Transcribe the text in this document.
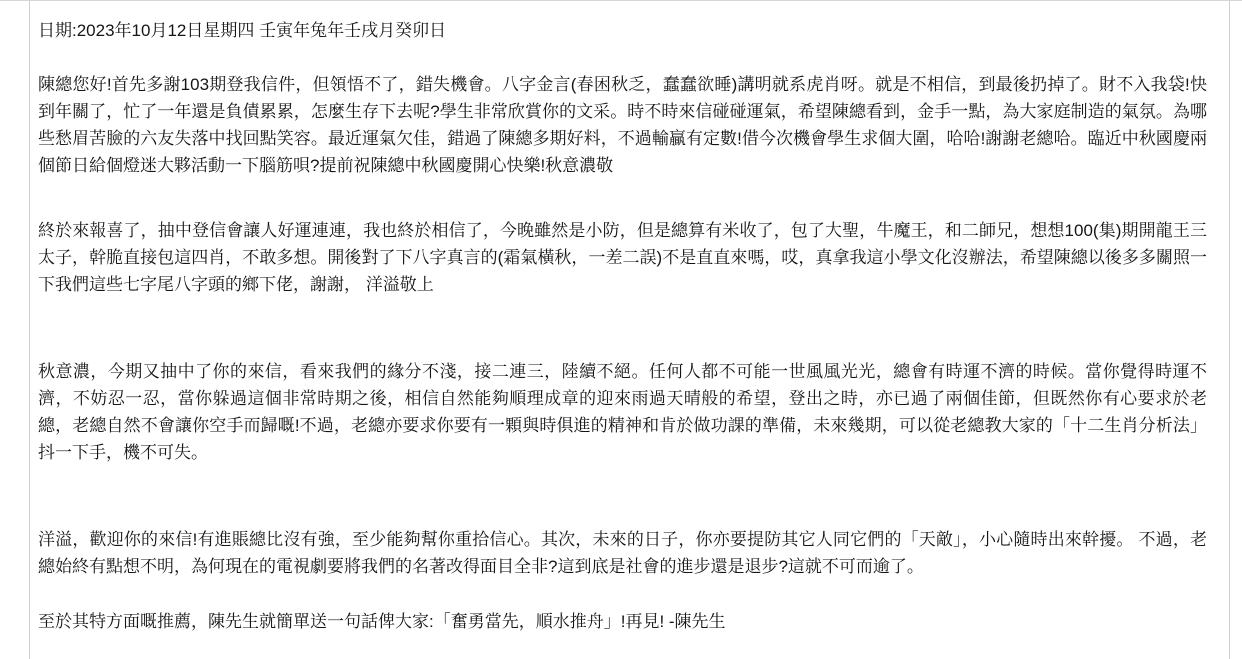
日期:2023年10月12日星期四 壬寅年兔年壬戌月癸卯日

陳總您好!首先多謝103期登我信件，但領悟不了，錯失機會。八字金言(春困秋乏，蠢蠢欲睡)講明就系虎肖呀。就是不相信，到最後扔掉了。財不入我袋!快到年關了，忙了一年還是負債累累，怎麼生存下去呢?學生非常欣賞你的文采。時不時來信碰碰運氣，希望陳總看到，金手一點，為大家庭制造的氣氛。為哪些愁眉苦臉的六友失落中找回點笑容。最近運氣欠佳，錯過了陳總多期好料，不過輸贏有定數!借今次機會學生求個大圍，哈哈!謝謝老總哈。臨近中秋國慶兩個節日給個燈迷大夥活動一下腦筋唄?提前祝陳總中秋國慶開心快樂!秋意濃敬

終於來報喜了，抽中登信會讓人好運連連，我也終於相信了，今晚雖然是小防，但是總算有米收了，包了大聖，牛魔王，和二師兄，想想100(集)期開龍王三太子，幹脆直接包這四肖，不敢多想。開後對了下八字真言的(霜氣橫秋，一差二誤)不是直直來嗎，哎，真拿我這小學文化沒辦法，希望陳總以後多多關照一下我們這些七字尾八字頭的鄉下佬，謝謝， 洋溢敬上

秋意濃，今期又抽中了你的來信，看來我們的緣分不淺，接二連三，陸續不絕。任何人都不可能一世風風光光，總會有時運不濟的時候。當你覺得時運不濟，不妨忍一忍，當你躲過這個非常時期之後，相信自然能夠順理成章的迎來雨過天晴般的希望，登出之時，亦已過了兩個佳節，但既然你有心要求於老總，老總自然不會讓你空手而歸嘅!不過，老總亦要求你要有一顆與時俱進的精神和肯於做功課的準備，未來幾期，可以從老總教大家的「十二生肖分析法」抖一下手，機不可失。

洋溢，歡迎你的來信!有進賬總比沒有強，至少能夠幫你重拾信心。其次，未來的日子，你亦要提防其它人同它們的「天敵」，小心隨時出來幹擾。 不過，老總始終有點想不明，為何現在的電視劇要將我們的名著改得面目全非?這到底是社會的進步還是退步?這就不可而逾了。

至於其特方面嘅推薦，陳先生就簡單送一句話俾大家:「奮勇當先，順水推舟」!再見! -陳先生
